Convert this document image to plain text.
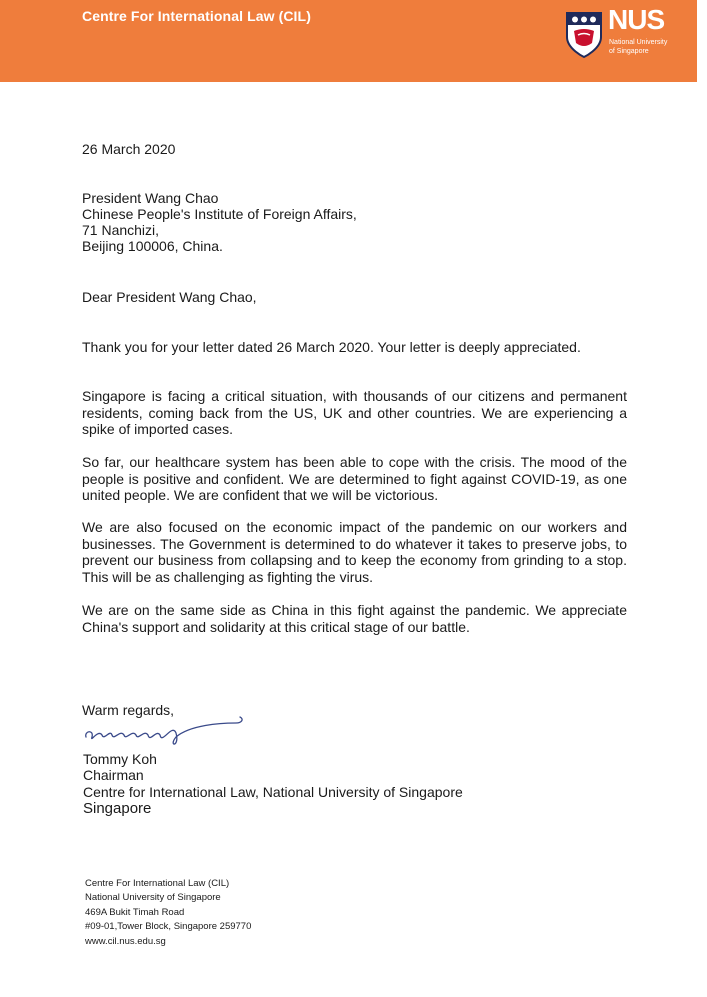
Centre For International Law (CIL)	NUS
National University
of Singapore

26 March 2020

President Wang Chao

Chinese People's Institute of Foreign Affairs,

71 Nanchizi,

Beijing 100006, China.

Dear President Wang Chao,

Thank you for your letter dated 26 March 2020. Your letter is deeply appreciated.

Singapore is facing a critical situation, with thousands of our citizens and permanent residents, coming back from the US, UK and other countries. We are experiencing a spike of imported cases.

So far, our healthcare system has been able to cope with the crisis. The mood of the people is positive and confident. We are determined to fight against COVID-19, as one united people. We are confident that we will be victorious.

We are also focused on the economic impact of the pandemic on our workers and businesses. The Government is determined to do whatever it takes to preserve jobs, to prevent our business from collapsing and to keep the economy from grinding to a stop. This will be as challenging as fighting the virus.

We are on the same side as China in this fight against the pandemic. We appreciate China's support and solidarity at this critical stage of our battle.

Warm regards,

Tommy Koh

Chairman

Centre for International Law, National University of Singapore

Singapore

Centre For International Law (CIL)
National University of Singapore
469A Bukit Timah Road
#09-01,Tower Block, Singapore 259770
www.cil.nus.edu.sg
